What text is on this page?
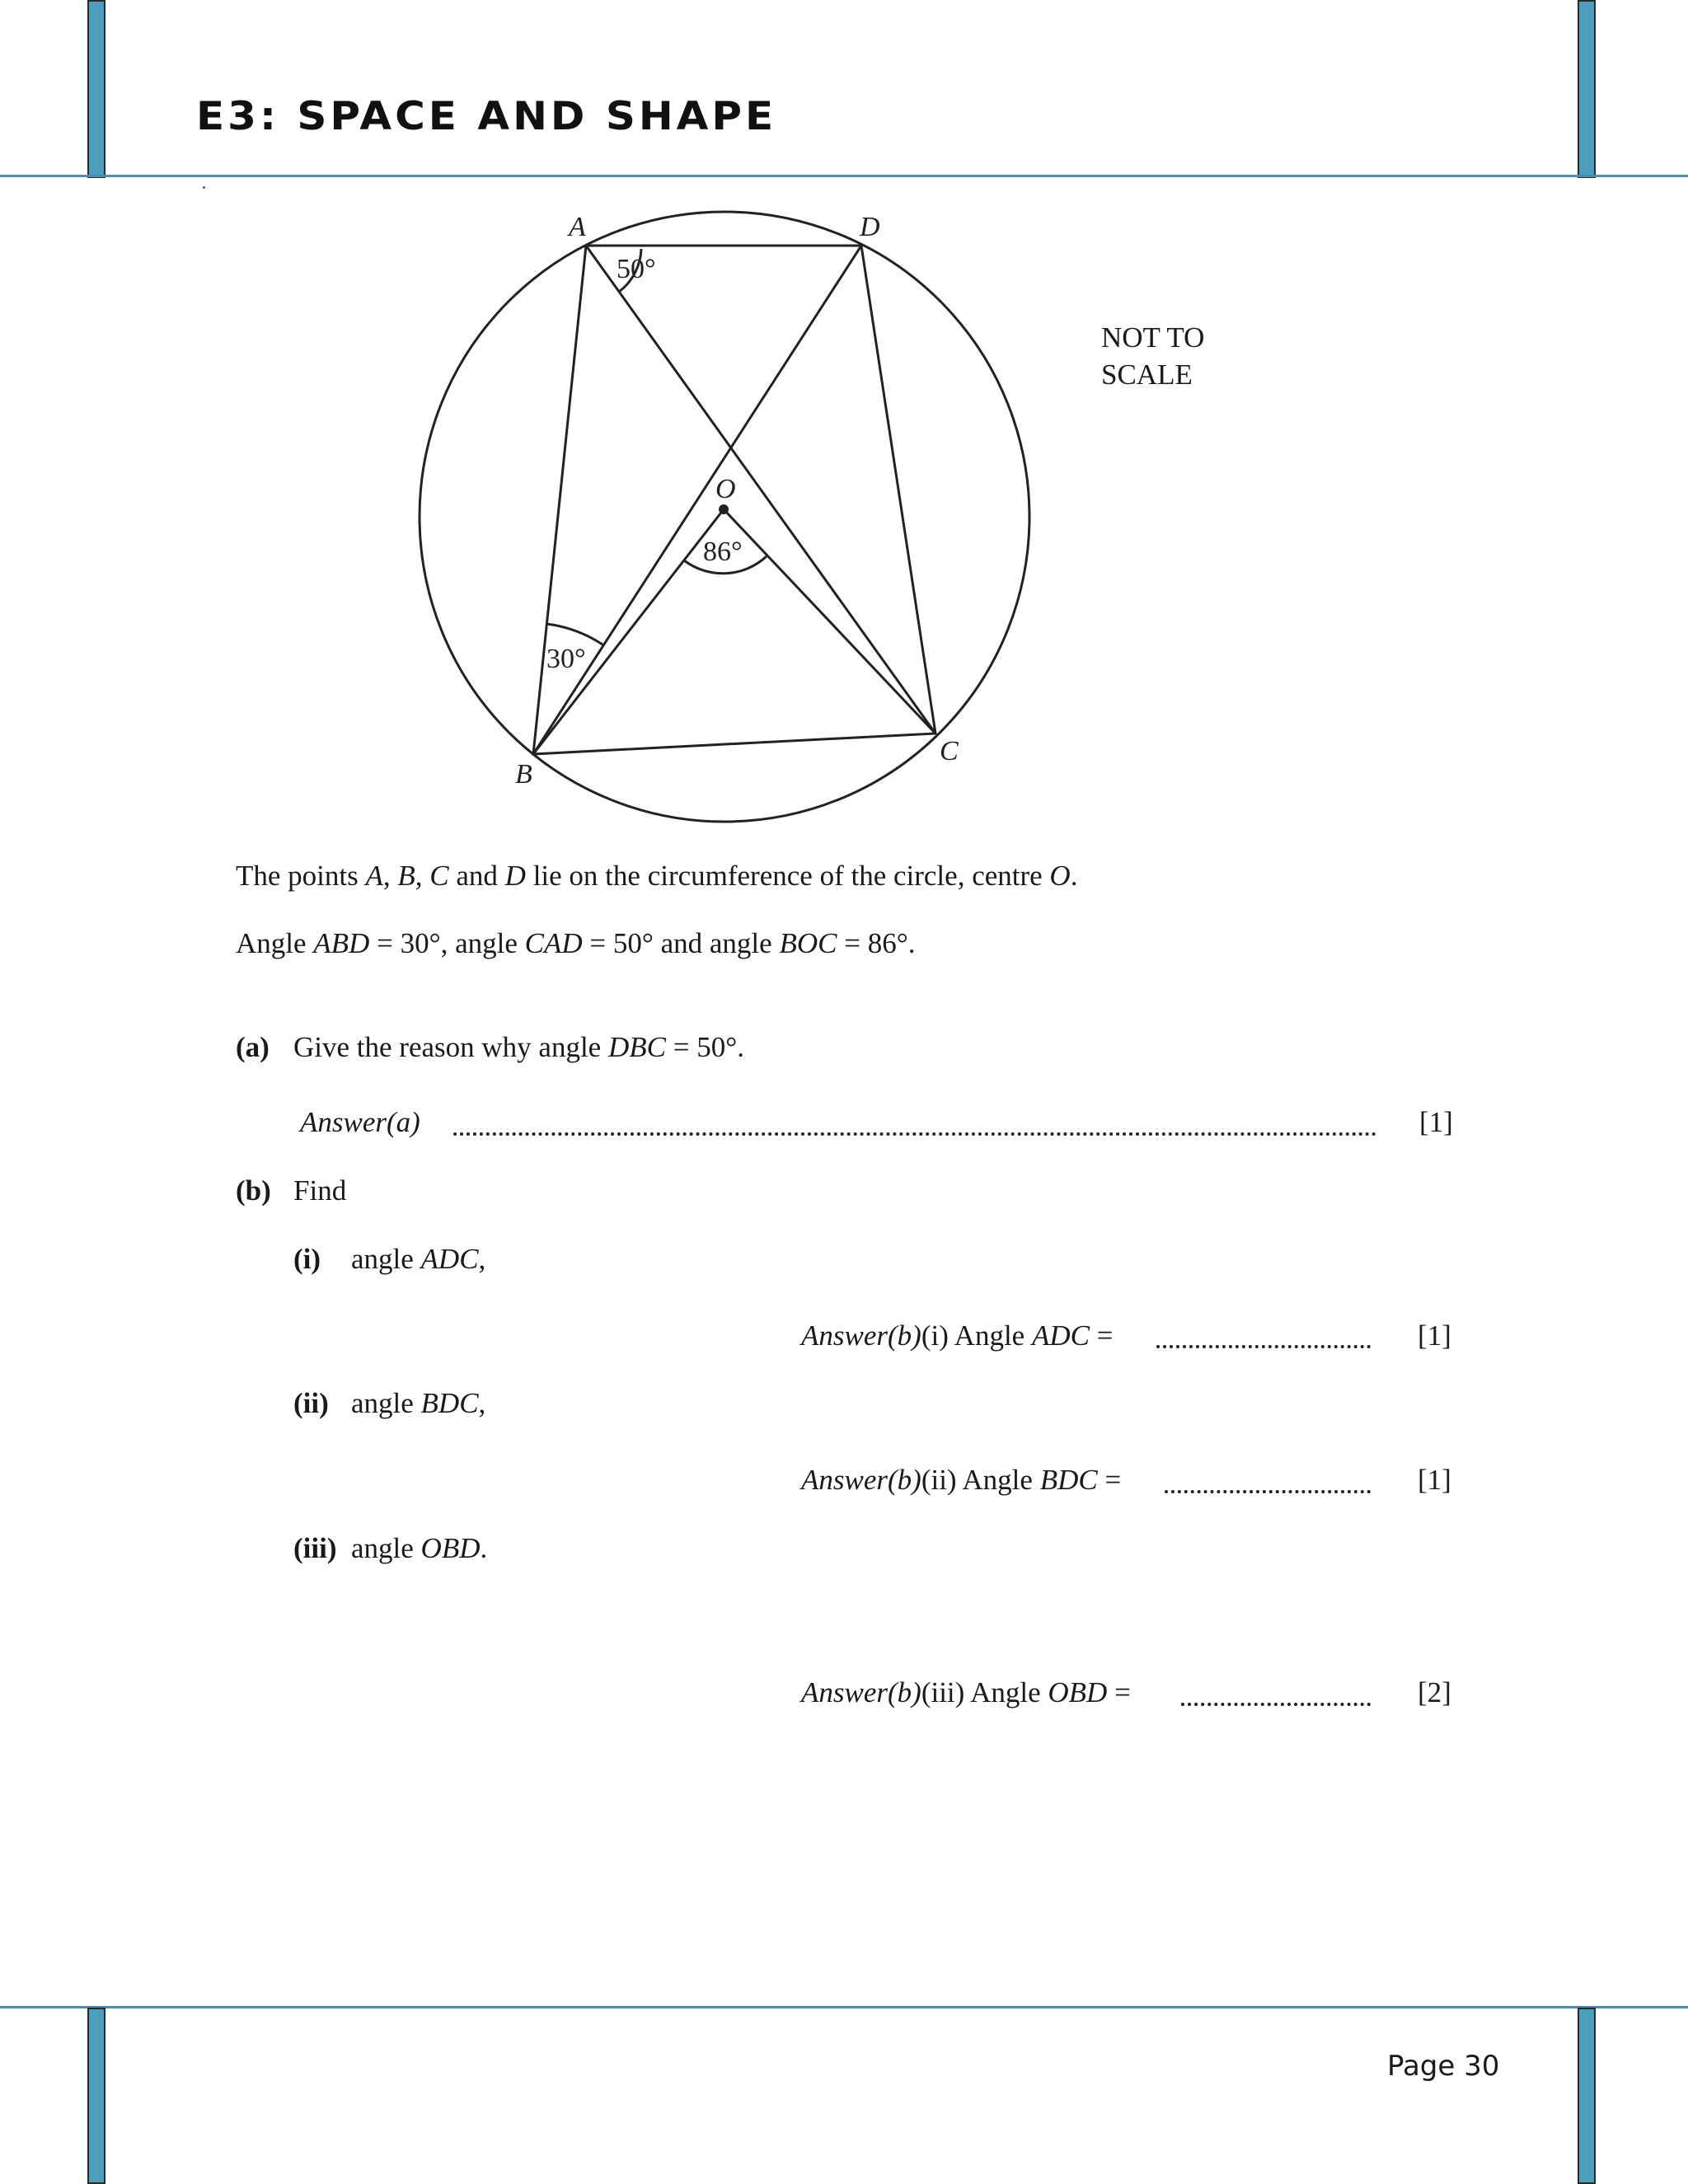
E3: SPACE AND SHAPE
A	D
B
C
O
50°
86°
30°
NOT TO
SCALE
The points A, B, C and D lie on the circumference of the circle, centre O.
Angle ABD = 30°, angle CAD = 50° and angle BOC = 86°.
(a) Give the reason why angle DBC = 50°.
Answer(a)	[1]
(b) Find
(i) angle ADC,
Answer(b)(i) Angle ADC =	[1]
(ii) angle BDC,
Answer(b)(ii) Angle BDC =	[1]
(iii) angle OBD.
Answer(b)(iii) Angle OBD =	[2]
Page 30
